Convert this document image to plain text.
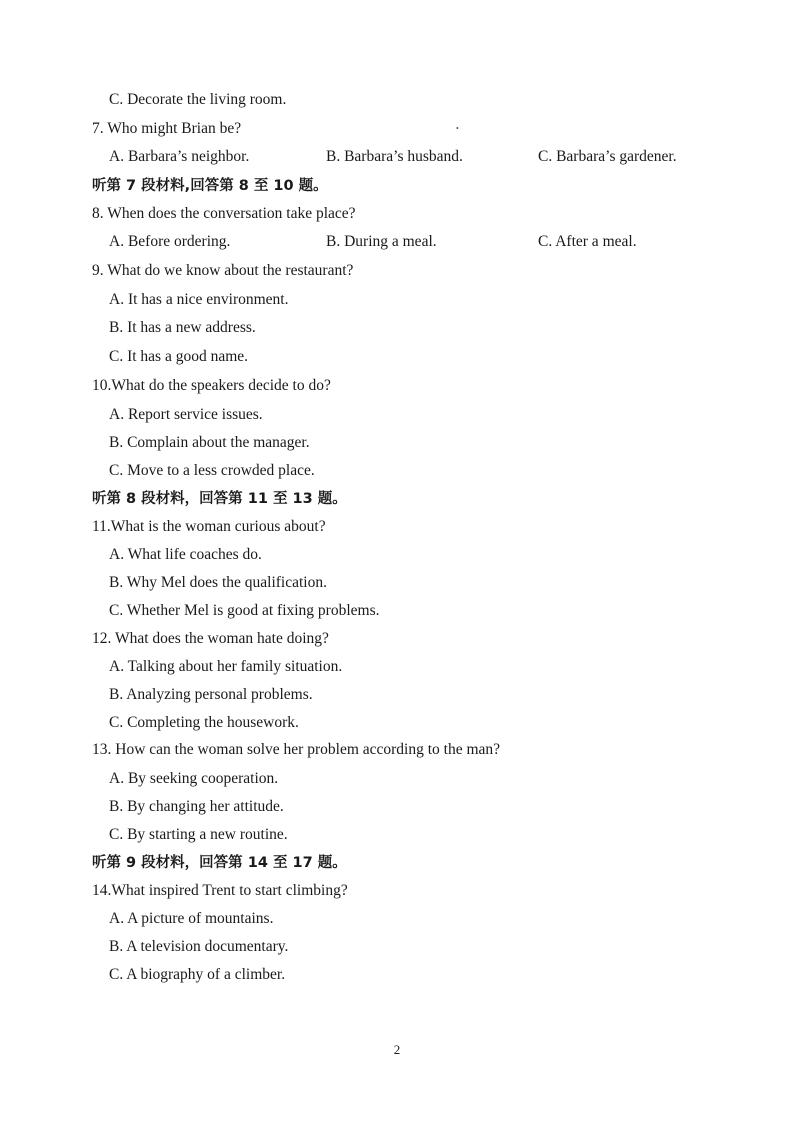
•
C. Decorate the living room.
7. Who might Brian be?
A. Barbara’s neighbor.	B. Barbara’s husband.	C. Barbara’s gardener.
听第 7 段材料,回答第 8 至 10 题。
8. When does the conversation take place?
A. Before ordering.	B. During a meal.	C. After a meal.
9. What do we know about the restaurant?
A. It has a nice environment.
B. It has a new address.
C. It has a good name.
10.What do the speakers decide to do?
A. Report service issues.
B. Complain about the manager.
C. Move to a less crowded place.
听第 8 段材料，回答第 11 至 13 题。
11.What is the woman curious about?
A. What life coaches do.
B. Why Mel does the qualification.
C. Whether Mel is good at fixing problems.
12. What does the woman hate doing?
A. Talking about her family situation.
B. Analyzing personal problems.
C. Completing the housework.
13. How can the woman solve her problem according to the man?
A. By seeking cooperation.
B. By changing her attitude.
C. By starting a new routine.
听第 9 段材料，回答第 14 至 17 题。
14.What inspired Trent to start climbing?
A. A picture of mountains.
B. A television documentary.
C. A biography of a climber.
2
